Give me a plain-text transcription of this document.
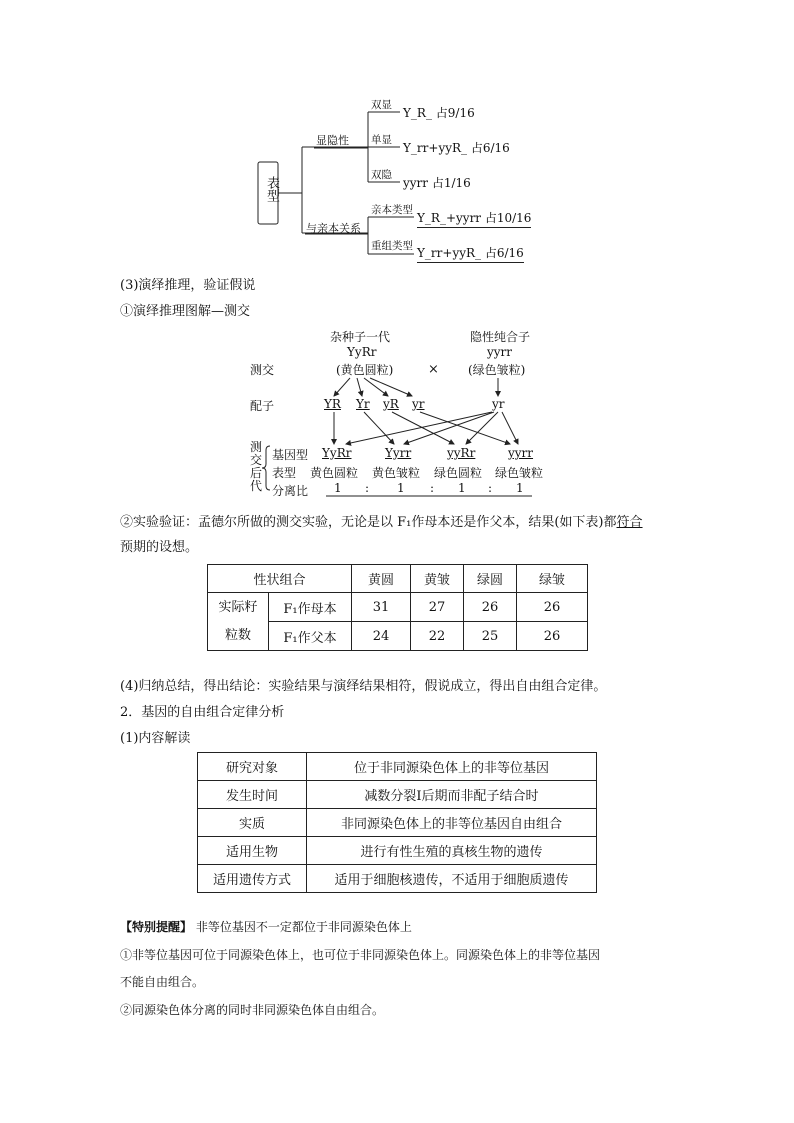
表型
显隐性
与亲本关系
双显
Y_R_ 占9/16
单显
Y_rr+yyR_ 占6/16
双隐
yyrr 占1/16
亲本类型
Y_R_+yyrr 占10/16
重组类型 Y_rr+yyR_ 占6/16
(3)演绎推理，验证假说
①演绎推理图解—测交
杂种子一代
YyRr
(黄色圆粒)
隐性纯合子
yyrr
(绿色皱粒)
测交	×
配子	YR Yr yR yr	yr
测
交
后
代
基因型
表型
分离比
YyRr	Yyrr	yyRr	yyrr
黄色圆粒 黄色皱粒 绿色圆粒 绿色皱粒
1 : 1 : 1 : 1
②实验验证：孟德尔所做的测交实验，无论是以 F₁作母本还是作父本，结果(如下表)都符合
预期的设想。
性状组合		黄圆	黄皱	绿圆	绿皱

实际籽
粒数	F₁作母本	31	27	26	26
	F₁作父本	24	22	25	26
(4)归纳总结，得出结论：实验结果与演绎结果相符，假说成立，得出自由组合定律。
2．基因的自由组合定律分析
(1)内容解读
研究对象	位于非同源染色体上的非等位基因
发生时间	减数分裂Ⅰ后期而非配子结合时
实质	非同源染色体上的非等位基因自由组合
适用生物	进行有性生殖的真核生物的遗传
适用遗传方式	适用于细胞核遗传，不适用于细胞质遗传
【特别提醒】 非等位基因不一定都位于非同源染色体上
①非等位基因可位于同源染色体上，也可位于非同源染色体上。同源染色体上的非等位基因
不能自由组合。
②同源染色体分离的同时非同源染色体自由组合。
